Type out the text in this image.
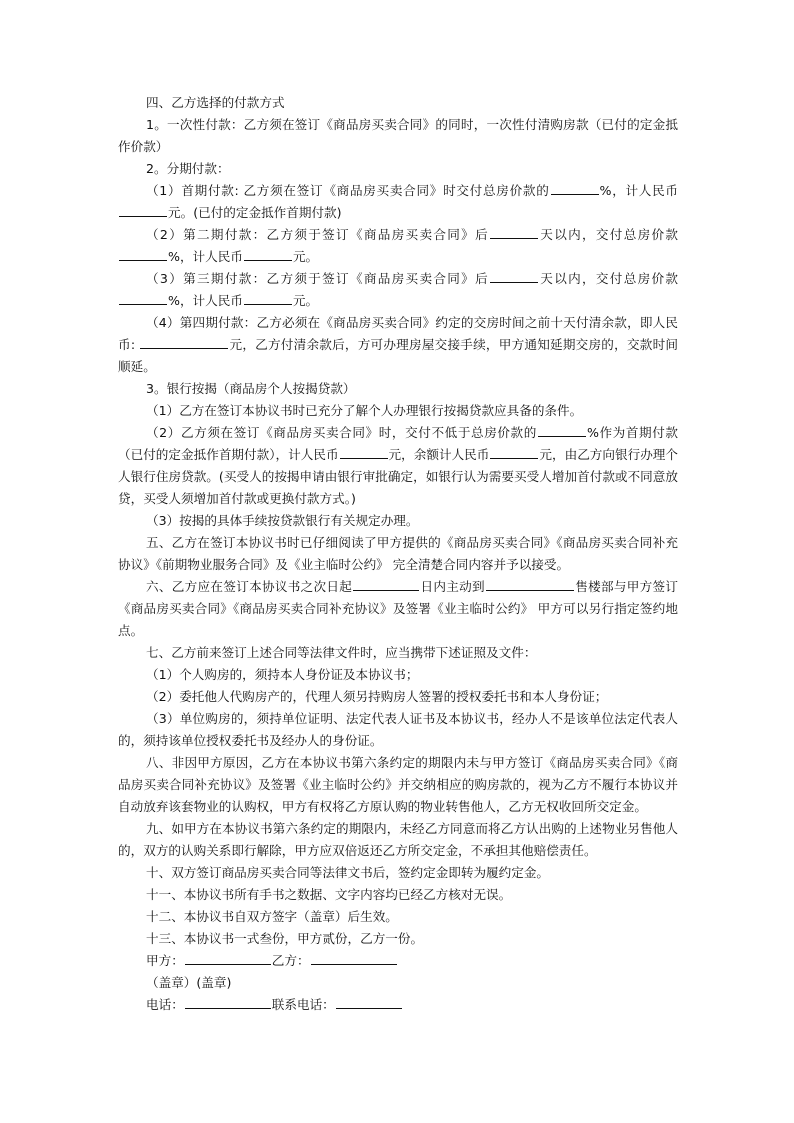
四、乙方选择的付款方式

1。一次性付款：乙方须在签订《商品房买卖合同》的同时，一次性付清购房款（已付的定金抵作价款）

2。分期付款：

（1）首期付款: 乙方须在签订《商品房买卖合同》时交付总房价款的	%，计人民币元。(已付的定金抵作首期付款)

（2）第二期付款：乙方须于签订《商品房买卖合同》后	天以内，交付总房价款%，计人民币	元。

（3）第三期付款：乙方须于签订《商品房买卖合同》后	天以内，交付总房价款%，计人民币	元。

（4）第四期付款：乙方必须在《商品房买卖合同》约定的交房时间之前十天付清余款，即人民币:	元，乙方付清余款后，方可办理房屋交接手续，甲方通知延期交房的，交款时间顺延。

3。银行按揭（商品房个人按揭贷款）

（1）乙方在签订本协议书时已充分了解个人办理银行按揭贷款应具备的条件。

（2）乙方须在签订《商品房买卖合同》时，交付不低于总房价款的	%作为首期付款（已付的定金抵作首期付款），计人民币	元，余额计人民币	元，由乙方向银行办理个人银行住房贷款。(买受人的按揭申请由银行审批确定，如银行认为需要买受人增加首付款或不同意放贷，买受人须增加首付款或更换付款方式。)

（3）按揭的具体手续按贷款银行有关规定办理。

五、乙方在签订本协议书时已仔细阅读了甲方提供的《商品房买卖合同》《商品房买卖合同补充协议》《前期物业服务合同》及《业主临时公约》 完全清楚合同内容并予以接受。

六、乙方应在签订本协议书之次日起	日内主动到	售楼部与甲方签订《商品房买卖合同》《商品房买卖合同补充协议》及签署《业主临时公约》 甲方可以另行指定签约地点。

七、乙方前来签订上述合同等法律文件时，应当携带下述证照及文件：

（1）个人购房的，须持本人身份证及本协议书；

（2）委托他人代购房产的，代理人须另持购房人签署的授权委托书和本人身份证；

（3）单位购房的，须持单位证明、法定代表人证书及本协议书，经办人不是该单位法定代表人的，须持该单位授权委托书及经办人的身份证。

八、非因甲方原因，乙方在本协议书第六条约定的期限内未与甲方签订《商品房买卖合同》《商品房买卖合同补充协议》及签署《业主临时公约》并交纳相应的购房款的，视为乙方不履行本协议并自动放弃该套物业的认购权，甲方有权将乙方原认购的物业转售他人，乙方无权收回所交定金。

九、如甲方在本协议书第六条约定的期限内，未经乙方同意而将乙方认出购的上述物业另售他人的，双方的认购关系即行解除，甲方应双倍返还乙方所交定金，不承担其他赔偿责任。

十、双方签订商品房买卖合同等法律文书后，签约定金即转为履约定金。

十一、本协议书所有手书之数据、文字内容均已经乙方核对无误。

十二、本协议书自双方签字（盖章）后生效。

十三、本协议书一式叁份，甲方贰份，乙方一份。

甲方：	乙方：

（盖章）(盖章)

电话：	联系电话：
